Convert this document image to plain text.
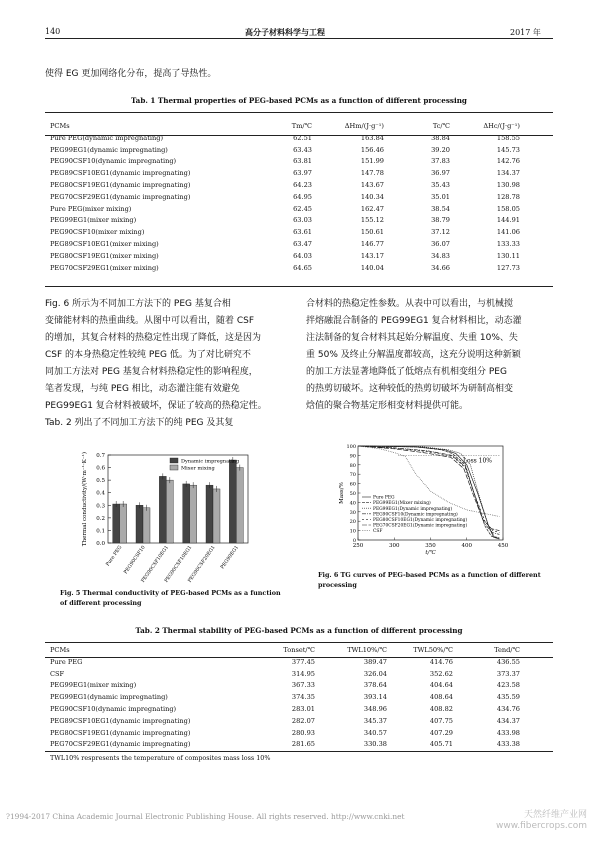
140	高分子材料科学与工程	2017 年
使得 EG 更加网络化分布，提高了导热性。
Tab. 1 Thermal properties of PEG-based PCMs as a function of different processing
PCMs	Tm/℃	ΔHm/(J·g⁻¹)	Tc/℃	ΔHc/(J·g⁻¹)
Pure PEG(dynamic impregnating)	62.51	163.84	38.84	158.55
PEG99EG1(dynamic impregnating)	63.43	156.46	39.20	145.73
PEG90CSF10(dynamic impregnating)	63.81	151.99	37.83	142.76
PEG89CSF10EG1(dynamic impregnating)	63.97	147.78	36.97	134.37
PEG80CSF19EG1(dynamic impregnating)	64.23	143.67	35.43	130.98
PEG70CSF29EG1(dynamic impregnating)	64.95	140.34	35.01	128.78
Pure PEG(mixer mixing)	62.45	162.47	38.54	158.05
PEG99EG1(mixer mixing)	63.03	155.12	38.79	144.91
PEG90CSF10(mixer mixing)	63.61	150.61	37.12	141.06
PEG89CSF10EG1(mixer mixing)	63.47	146.77	36.07	133.33
PEG80CSF19EG1(mixer mixing)	64.03	143.17	34.83	130.11
PEG70CSF29EG1(mixer mixing)	64.65	140.04	34.66	127.73
Fig. 6 所示为不同加工方法下的 PEG 基复合相
变储能材料的热重曲线。从图中可以看出，随着 CSF
的增加，其复合材料的热稳定性出现了降低，这是因为
CSF 的本身热稳定性较纯 PEG 低。为了对比研究不
同加工方法对 PEG 基复合材料热稳定性的影响程度，
笔者发现，与纯 PEG 相比，动态灌注能有效避免
PEG99EG1 复合材料被破坏，保证了较高的热稳定性。
Tab. 2 列出了不同加工方法下的纯 PEG 及其复
合材料的热稳定性参数。从表中可以看出，与机械搅
拌熔融混合制备的 PEG99EG1 复合材料相比，动态灌
注法制备的复合材料其起始分解温度、失重 10%、失
重 50% 及终止分解温度都较高，这充分说明这种新颖
的加工方法显著地降低了低熔点有机相变组分 PEG
的热剪切破坏。这种较低的热剪切破坏为研制高相变
焓值的聚合物基定形相变材料提供可能。
0.0
0.1
0.2
0.3
0.4
0.5
0.6
0.7
Thermal conductivity/(W·m⁻¹·K⁻¹)
Pure PEG PEG90CSF10
PEG90CSF10EG1
PEG90CSF10EG1
PEG90CSF20EG1 PEG99EG1
Dynamic impregnating
Mixer mixing
Fig. 5 Thermal conductivity of PEG-based PCMs as a function of different processing
0
10
20
30
40
50
60
70
80
90
100
250	300	350	400	450
t/℃
Mass/%
Loss 10%
Pure PEG
PEG99EG1(Mixer mixing)
PEG99EG1(Dynamic impregnating)
PEG90CSF10(Dynamic impregnating)
PEG80CSF10EG1(Dynamic impregnating)
PEG70CSF20EG1(Dynamic impregnating)
CSF
Fig. 6 TG curves of PEG-based PCMs as a function of different processing
Tab. 2 Thermal stability of PEG-based PCMs as a function of different processing
PCMs	Tonset/℃	TWL10%/℃	TWL50%/℃	Tend/℃
Pure PEG	377.45	389.47	414.76	436.55
CSF	314.95	326.04	352.62	373.37
PEG99EG1(mixer mixing)	367.33	378.64	404.64	423.58
PEG99EG1(dynamic impregnating)	374.35	393.14	408.64	435.59
PEG90CSF10(dynamic impregnating)	283.01	348.96	408.82	434.76
PEG89CSF10EG1(dynamic impregnating)	282.07	345.37	407.75	434.37
PEG80CSF19EG1(dynamic impregnating)	280.93	340.57	407.29	433.98
PEG70CSF29EG1(dynamic impregnating)	281.65	330.38	405.71	433.38
TWL10% respresents the temperature of composites mass loss 10%
?1994-2017 China Academic Journal Electronic Publishing House. All rights reserved. http://www.cnki.net	天然纤维产业网
www.fibercrops.com
